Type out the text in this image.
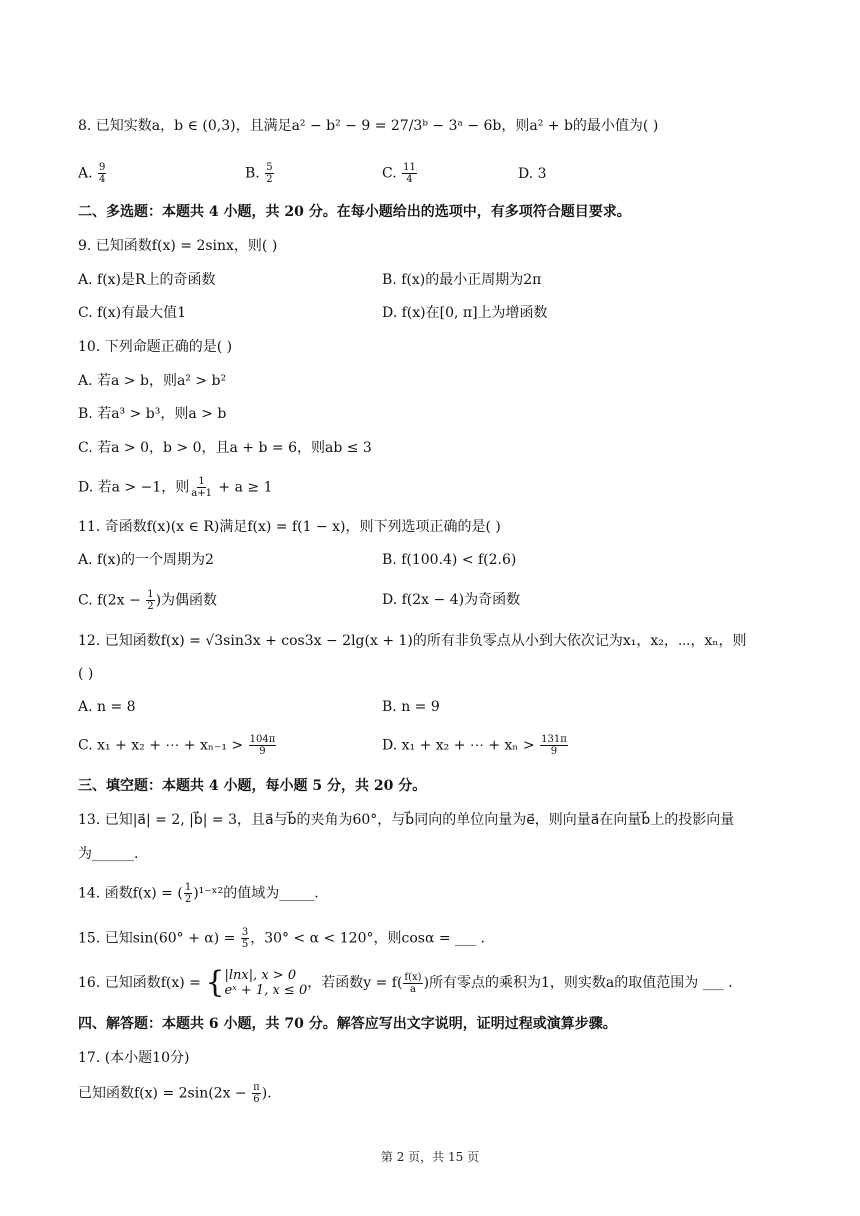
8. 已知实数a，b ∈ (0,3)，且满足a² − b² − 9 = 27/3ᵇ − 3ᵃ − 6b，则a² + b的最小值为( )
A. $\frac{9}{4}$	B. $\frac{5}{2}$	C. $\frac{11}{4}$	D. 3
二、多选题：本题共 4 小题，共 20 分。在每小题给出的选项中，有多项符合题目要求。
9. 已知函数f(x) = 2sinx，则( )
A. f(x)是R上的奇函数	B. f(x)的最小正周期为2π
C. f(x)有最大值1	D. f(x)在[0, π]上为增函数
10. 下列命题正确的是( )
A. 若a > b，则a² > b²
B. 若a³ > b³，则a > b
C. 若a > 0，b > 0，且a + b = 6，则ab ≤ 3
D. 若a > −1，则 $\frac{1}{a+1} + a \ge 1$
11. 奇函数f(x)(x ∈ R)满足f(x) = f(1 − x)，则下列选项正确的是( )
A. f(x)的一个周期为2	B. f(100.4) < f(2.6)
C. $f(2x - \frac{1}{2}$ )为偶函数	D. f(2x − 4)为奇函数
12. 已知函数f(x) = √3sin3x + cos3x − 2lg(x + 1)的所有非负零点从小到大依次记为x₁，x₂，⋯，xₙ，则
( )
A. n = 8	B. n = 9
C. x₁ + x₂ + ⋯ + $x_{n-1} > \frac{104\pi}{9}$	D. x₁ + x₂ + ⋯ + $x_n > \frac{131\pi}{9}$
三、填空题：本题共 4 小题，每小题 5 分，共 20 分。
13. 已知|a⃗| = 2, |b⃗| = 3，且a⃗与b⃗的夹角为60°，与b⃗同向的单位向量为e⃗，则向量a⃗在向量b⃗上的投影向量
为______.
14. 函数f(x) = ( $\frac{1}{2}$ )¹⁻ˣ²的值域为_____.
15. 已知$\sin(60^\circ + \alpha) = \frac{3}{5}$ ，30° < α < 120°，则cosα = ___ .
16. 已知函数f(x) = { |lnx|, x > 0
eˣ + 1, x ≤ 0 ，若函数$y = f( \frac{f(x)}{a}$ )所有零点的乘积为1，则实数a的取值范围为 ___ .
四、解答题：本题共 6 小题，共 70 分。解答应写出文字说明，证明过程或演算步骤。
17. (本小题10分)
已知函数$f(x) = 2\sin(2x - \frac{\pi}{6}$ ).
第 2 页，共 15 页
